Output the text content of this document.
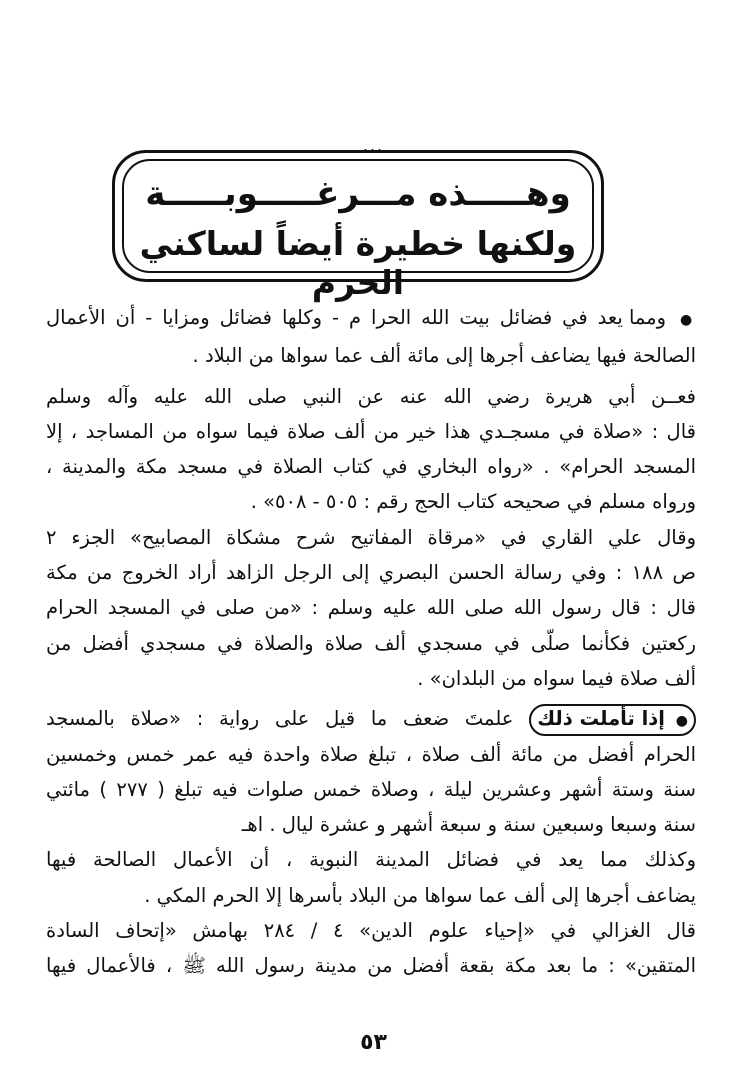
...
وهـــــذه مـــرغـــــوبـــــة
ولكنها خطيرة أيضاً لساكني الحرم

● ومما يعد في فضائل بيت الله الحرا م - وكلها فضائل ومزايا - أن الأعمال

الصالحة فيها يضاعف أجرها إلى مائة ألف عما سواها من البلاد .

فعــن أبي هريرة رضي الله عنه عن النبي صلى الله عليه وآله وسلم

قال : «صلاة في مسجـدي هذا خير من ألف صلاة فيما سواه من المساجد ، إلا

المسجد الحرام» . «رواه البخاري في كتاب الصلاة في مسجد مكة والمدينة ،

ورواه مسلم في صحيحه كتاب الحج رقم : ٥٠٥ - ٥٠٨» .

وقال علي القاري في «مرقاة المفاتيح شرح مشكاة المصابيح» الجزء ٢

ص ١٨٨ : وفي رسالة الحسن البصري إلى الرجل الزاهد أراد الخروج من مكة

قال : قال رسول الله صلى الله عليه وسلم : «من صلى في المسجد الحرام

ركعتين فكأنما صلّى في مسجدي ألف صلاة والصلاة في مسجدي أفضل من

ألف صلاة فيما سواه من البلدان» .

● إذا تأملت ذلك علمتَ ضعف ما قيل على رواية : «صلاة بالمسجد

الحرام أفضل من مائة ألف صلاة ، تبلغ صلاة واحدة فيه عمر خمس وخمسين

سنة وستة أشهر وعشرين ليلة ، وصلاة خمس صلوات فيه تبلغ ( ٢٧٧ ) مائتي

سنة وسبعا وسبعين سنة و سبعة أشهر و عشرة ليال . اهـ

وكذلك مما يعد في فضائل المدينة النبوية ، أن الأعمال الصالحة فيها

يضاعف أجرها إلى ألف عما سواها من البلاد بأسرها إلا الحرم المكي .

قال الغزالي في «إحياء علوم الدين» ٤ / ٢٨٤ بهامش «إتحاف السادة

المتقين» : ما بعد مكة بقعة أفضل من مدينة رسول الله ﷺ ، فالأعمال فيها

٥٣
